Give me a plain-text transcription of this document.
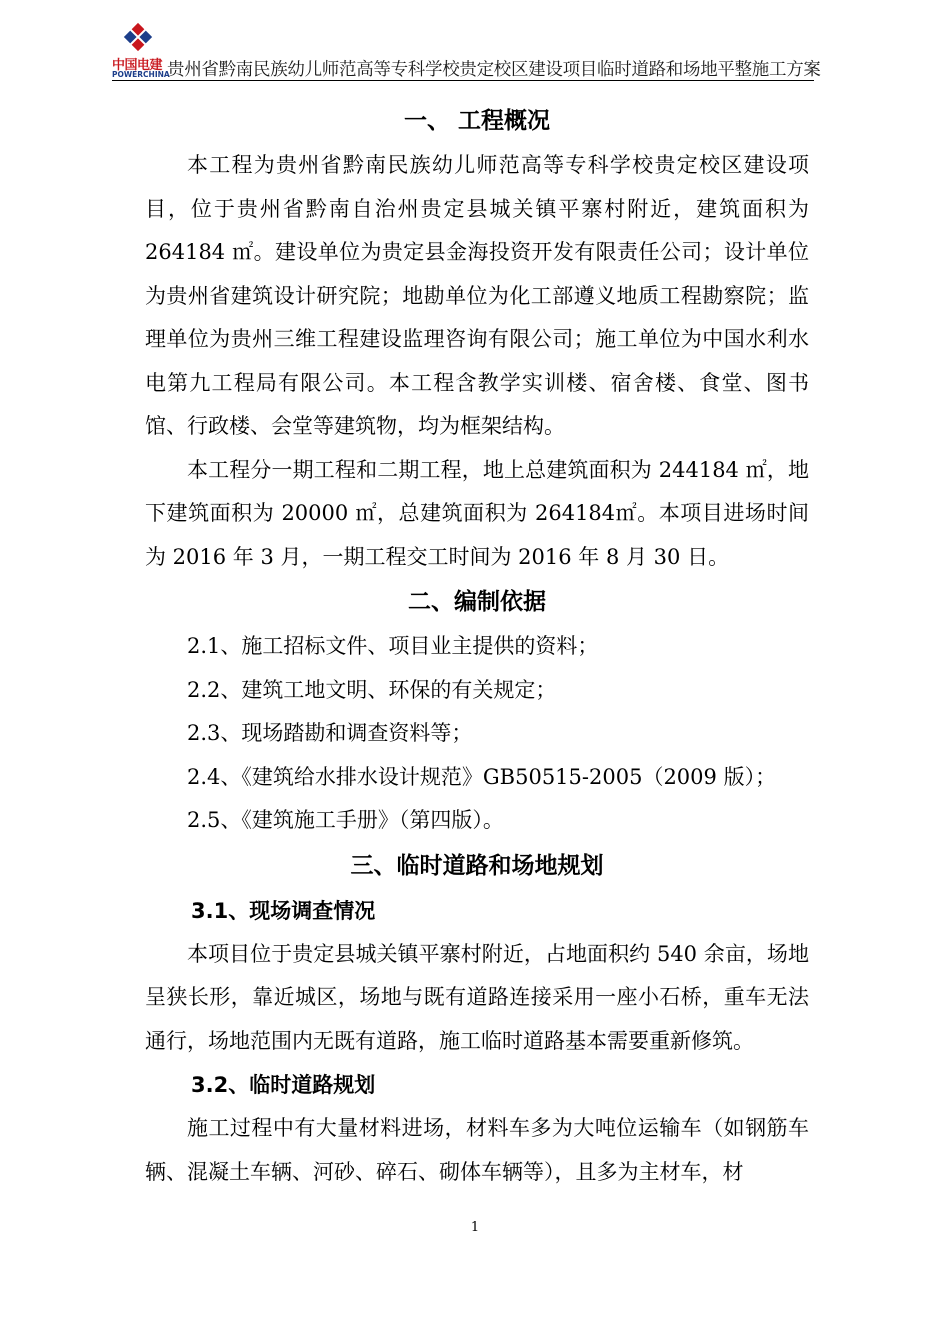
中国电建
POWERCHINA
贵州省黔南民族幼儿师范高等专科学校贵定校区建设项目临时道路和场地平整施工方案
一、 工程概况

本工程为贵州省黔南民族幼儿师范高等专科学校贵定校区建设项目，位于贵州省黔南自治州贵定县城关镇平寨村附近，建筑面积为264184 ㎡。建设单位为贵定县金海投资开发有限责任公司；设计单位为贵州省建筑设计研究院；地勘单位为化工部遵义地质工程勘察院；监理单位为贵州三维工程建设监理咨询有限公司；施工单位为中国水利水电第九工程局有限公司。本工程含教学实训楼、宿舍楼、食堂、图书馆、行政楼、会堂等建筑物，均为框架结构。

本工程分一期工程和二期工程，地上总建筑面积为 244184 ㎡，地下建筑面积为 20000 ㎡，总建筑面积为 264184㎡。本项目进场时间为 2016 年 3 月，一期工程交工时间为 2016 年 8 月 30 日。

二、编制依据

2.1、施工招标文件、项目业主提供的资料；

2.2、建筑工地文明、环保的有关规定；

2.3、现场踏勘和调查资料等；

2.4、《建筑给水排水设计规范》GB50515-2005（2009 版）；

2.5、《建筑施工手册》（第四版）。

三、临时道路和场地规划
3.1、现场调查情况

本项目位于贵定县城关镇平寨村附近，占地面积约 540 余亩，场地呈狭长形，靠近城区，场地与既有道路连接采用一座小石桥，重车无法通行，场地范围内无既有道路，施工临时道路基本需要重新修筑。

3.2、临时道路规划

施工过程中有大量材料进场，材料车多为大吨位运输车（如钢筋车辆、混凝土车辆、河砂、碎石、砌体车辆等），且多为主材车，材

1
